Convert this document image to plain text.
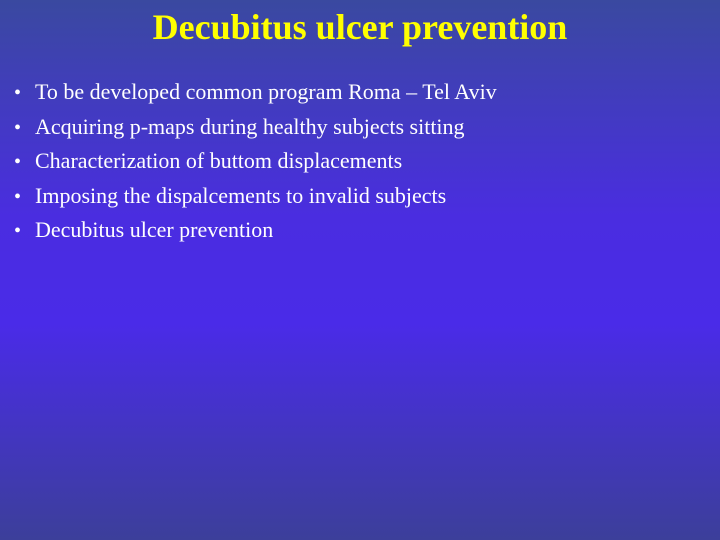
Decubitus ulcer prevention
• To be developed common program Roma – Tel Aviv
• Acquiring p-maps during healthy subjects sitting
• Characterization of buttom displacements
• Imposing the dispalcements to invalid subjects
• Decubitus ulcer prevention
